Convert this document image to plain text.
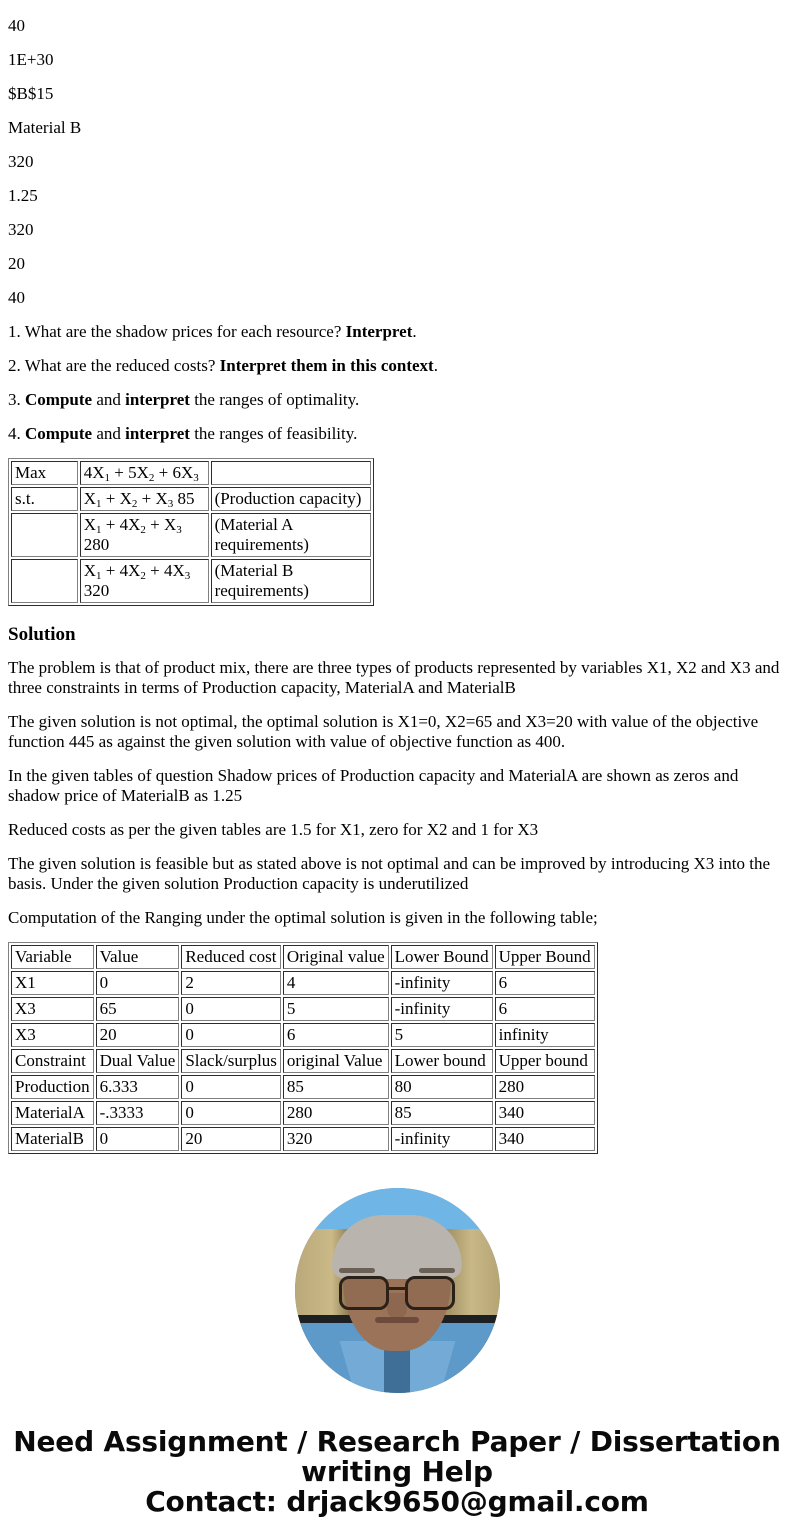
40

1E+30

$B$15

Material B

320

1.25

320

20

40

1. What are the shadow prices for each resource? Interpret.

2. What are the reduced costs? Interpret them in this context.

3. Compute and interpret the ranges of optimality.

4. Compute and interpret the ranges of feasibility.

Max	$4X_1 + 5X_2 + 6X_3$	
s.t.	$X_1 + X_2 + X_3$ 85	(Production capacity)
	$X_1 + 4X_2 + X_3$ 280	(Material A requirements)
	$X_1 + 4X_2 + 4X_3$ 320	(Material B requirements)
Solution

The problem is that of product mix, there are three types of products represented by variables X1, X2 and X3 and three constraints in terms of Production capacity, MaterialA and MaterialB

The given solution is not optimal, the optimal solution is X1=0, X2=65 and X3=20 with value of the objective function 445 as against the given solution with value of objective function as 400.

In the given tables of question Shadow prices of Production capacity and MaterialA are shown as zeros and shadow price of MaterialB as 1.25

Reduced costs as per the given tables are 1.5 for X1, zero for X2 and 1 for X3

The given solution is feasible but as stated above is not optimal and can be improved by introducing X3 into the basis. Under the given solution Production capacity is underutilized

Computation of the Ranging under the optimal solution is given in the following table;

Variable	Value	Reduced cost	Original value	Lower Bound	Upper Bound
X1	0	2	4	-infinity	6
X3	65	0	5	-infinity	6
X3	20	0	6	5	infinity
Constraint	Dual Value	Slack/surplus	original Value	Lower bound	Upper bound
Production	6.333	0	85	80	280
MaterialA	-.3333	0	280	85	340
MaterialB	0	20	320	-infinity	340
Need Assignment / Research Paper / Dissertation
writing Help
Contact: drjack9650@gmail.com
